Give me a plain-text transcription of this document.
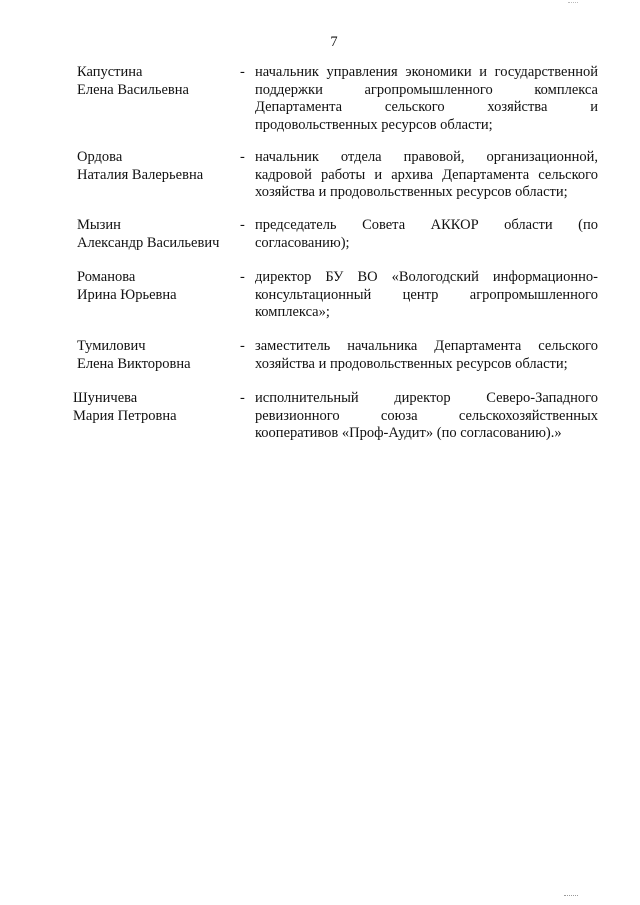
7
Капустина
Елена Васильевна
- начальник управления экономики и государственной
поддержки агропромышленного комплекса
Департамента сельского хозяйства и
продовольственных ресурсов области;
Ордова
Наталия Валерьевна
- начальник отдела правовой, организационной,
кадровой работы и архива Департамента сельского
хозяйства и продовольственных ресурсов области;
Мызин
Александр Васильевич
- председатель Совета АККОР области (по
согласованию);
Романова
Ирина Юрьевна
- директор БУ ВО «Вологодский информационно-
консультационный центр агропромышленного
комплекса»;
Тумилович
Елена Викторовна
- заместитель начальника Департамента сельского
хозяйства и продовольственных ресурсов области;
Шуничева
Мария Петровна
- исполнительный директор Северо-Западного
ревизионного союза сельскохозяйственных
кооперативов «Проф-Аудит» (по согласованию).»
